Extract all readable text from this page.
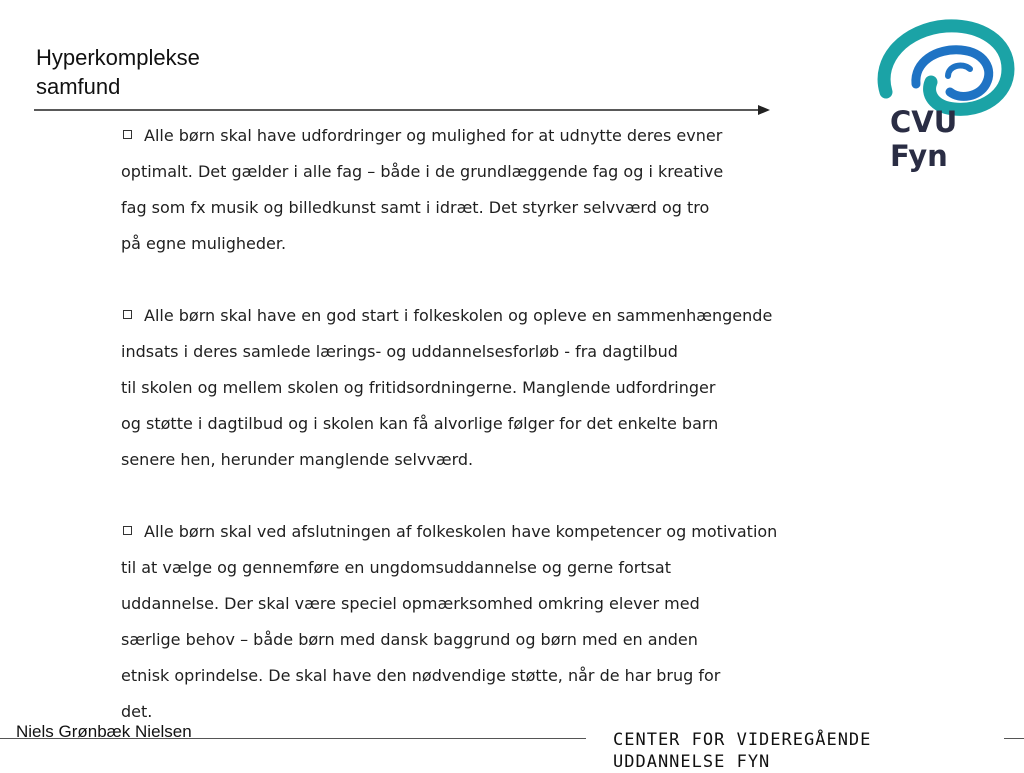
Hyperkomplekse
samfund
CVU Fyn
Alle børn skal have udfordringer og mulighed for at udnytte deres evner
optimalt. Det gælder i alle fag – både i de grundlæggende fag og i kreative
fag som fx musik og billedkunst samt i idræt. Det styrker selvværd og tro
på egne muligheder.
Alle børn skal have en god start i folkeskolen og opleve en sammenhængende
indsats i deres samlede lærings- og uddannelsesforløb - fra dagtilbud
til skolen og mellem skolen og fritidsordningerne. Manglende udfordringer
og støtte i dagtilbud og i skolen kan få alvorlige følger for det enkelte barn
senere hen, herunder manglende selvværd.
Alle børn skal ved afslutningen af folkeskolen have kompetencer og motivation
til at vælge og gennemføre en ungdomsuddannelse og gerne fortsat
uddannelse. Der skal være speciel opmærksomhed omkring elever med
særlige behov – både børn med dansk baggrund og børn med en anden
etnisk oprindelse. De skal have den nødvendige støtte, når de har brug for
det.
Niels Grønbæk Nielsen	CENTER FOR VIDEREGÅENDE
UDDANNELSE FYN
